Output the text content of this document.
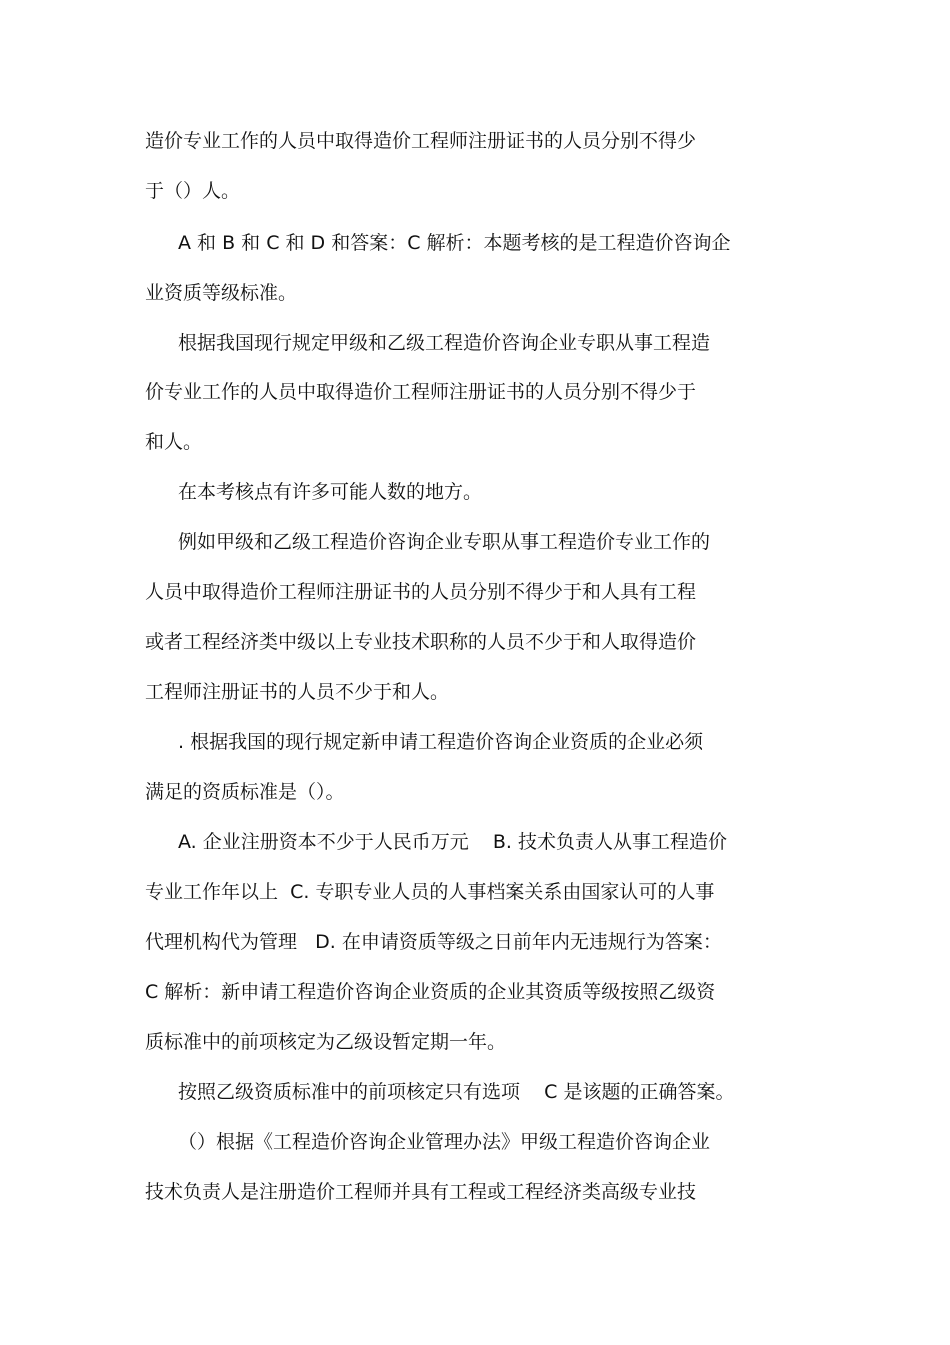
造价专业工作的人员中取得造价工程师注册证书的人员分别不得少

于（）人。

A 和 B 和 C 和 D 和答案：C 解析：本题考核的是工程造价咨询企

业资质等级标准。

根据我国现行规定甲级和乙级工程造价咨询企业专职从事工程造

价专业工作的人员中取得造价工程师注册证书的人员分别不得少于

和人。

在本考核点有许多可能人数的地方。

例如甲级和乙级工程造价咨询企业专职从事工程造价专业工作的

人员中取得造价工程师注册证书的人员分别不得少于和人具有工程

或者工程经济类中级以上专业技术职称的人员不少于和人取得造价

工程师注册证书的人员不少于和人。

. 根据我国的现行规定新申请工程造价咨询企业资质的企业必须

满足的资质标准是（）。

A. 企业注册资本不少于人民币万元    B. 技术负责人从事工程造价

专业工作年以上  C. 专职专业人员的人事档案关系由国家认可的人事

代理机构代为管理   D. 在申请资质等级之日前年内无违规行为答案：

C 解析：新申请工程造价咨询企业资质的企业其资质等级按照乙级资

质标准中的前项核定为乙级设暂定期一年。

按照乙级资质标准中的前项核定只有选项    C 是该题的正确答案。

（）根据《工程造价咨询企业管理办法》甲级工程造价咨询企业

技术负责人是注册造价工程师并具有工程或工程经济类高级专业技
